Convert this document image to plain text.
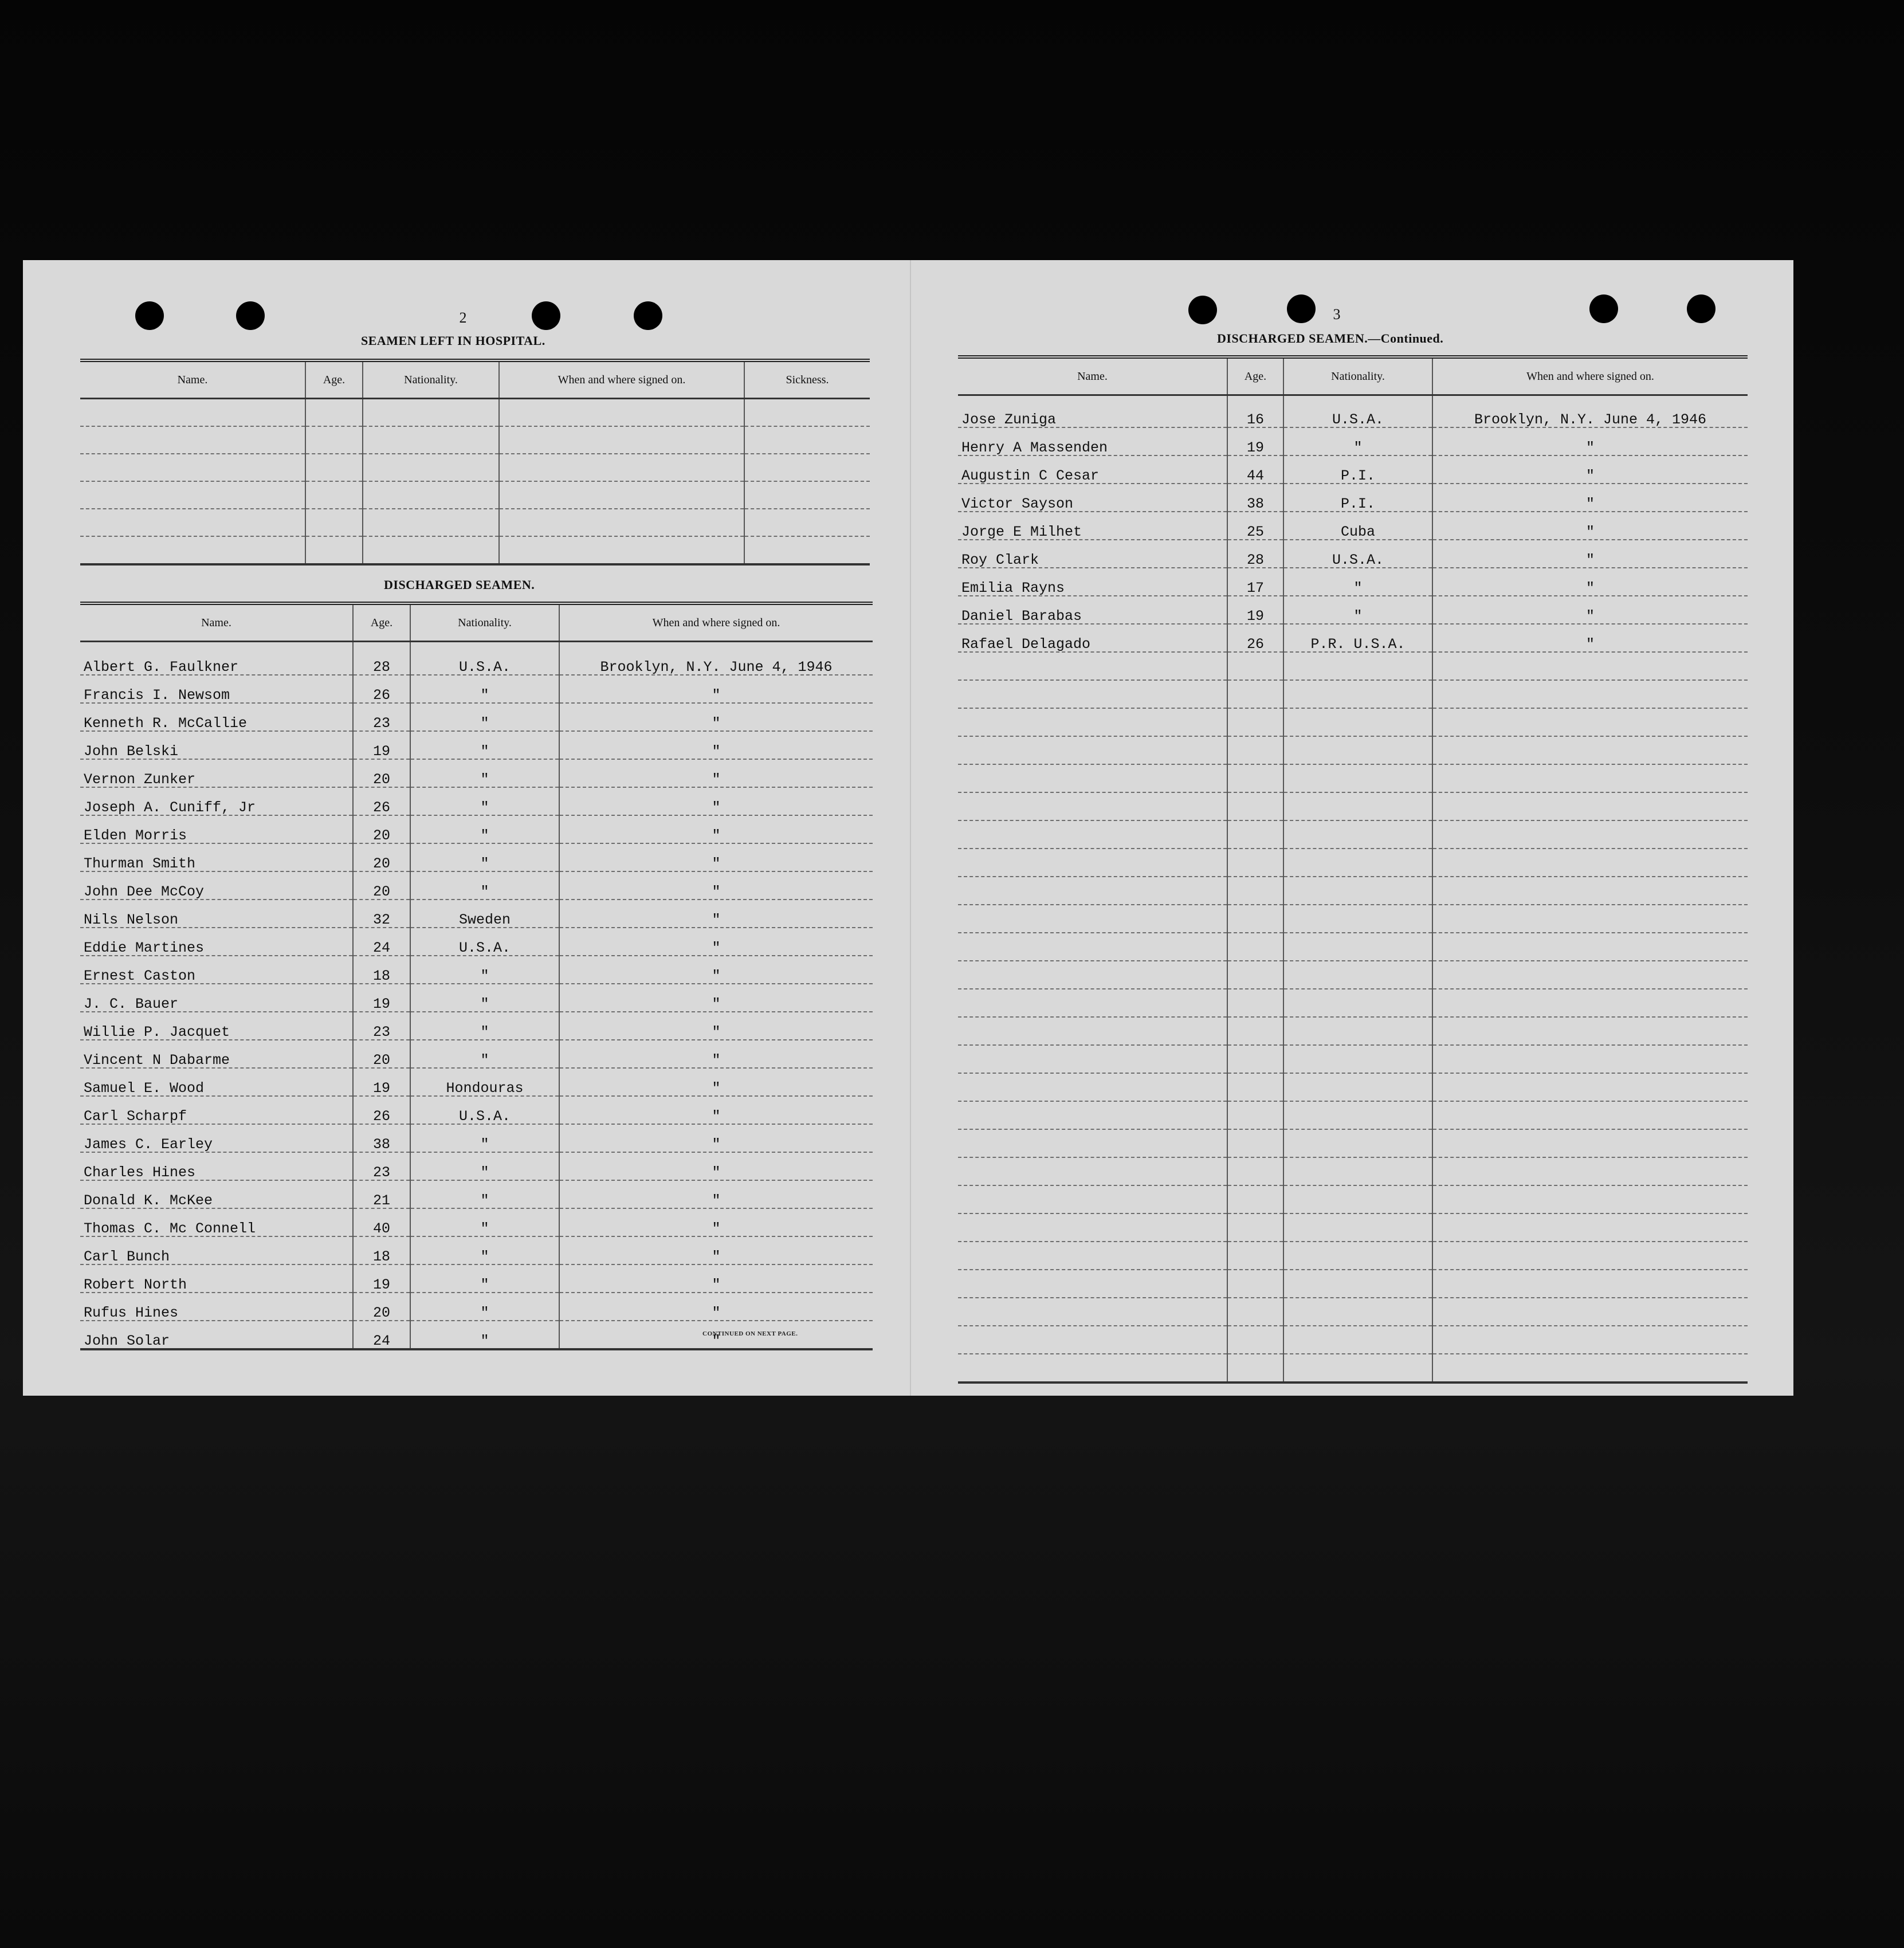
2
SEAMEN LEFT IN HOSPITAL.
Name.	Age.	Nationality.	When and where signed on.	Sickness.

DISCHARGED SEAMEN.
Name.	Age.	Nationality.	When and where signed on.
Albert G. Faulkner	28	U.S.A.	Brooklyn, N.Y. June 4, 1946
Francis I. Newsom	26	"	"
Kenneth R. McCallie	23	"	"
John Belski	19	"	"
Vernon Zunker	20	"	"
Joseph A. Cuniff, Jr	26	"	"
Elden Morris	20	"	"
Thurman Smith	20	"	"
John Dee McCoy	20	"	"
Nils Nelson	32	Sweden	"
Eddie Martines	24	U.S.A.	"
Ernest Caston	18	"	"
J. C. Bauer	19	"	"
Willie P. Jacquet	23	"	"
Vincent N Dabarme	20	"	"
Samuel E. Wood	19	Hondouras	"
Carl Scharpf	26	U.S.A.	"
James C. Earley	38	"	"
Charles Hines	23	"	"
Donald K. McKee	21	"	"
Thomas C. Mc Connell	40	"	"
Carl Bunch	18	"	"
Robert North	19	"	"
Rufus Hines	20	"	"
John Solar	24	"	"
CONTINUED ON NEXT PAGE.
3
DISCHARGED SEAMEN.—Continued.
Name.	Age.	Nationality.	When and where signed on.
Jose Zuniga	16	U.S.A.	Brooklyn, N.Y. June 4, 1946
Henry A Massenden	19	"	"
Augustin C Cesar	44	P.I.	"
Victor Sayson	38	P.I.	"
Jorge E Milhet	25	Cuba	"
Roy Clark	28	U.S.A.	"
Emilia Rayns	17	"	"
Daniel Barabas	19	"	"
Rafael Delagado	26	P.R. U.S.A.	"
